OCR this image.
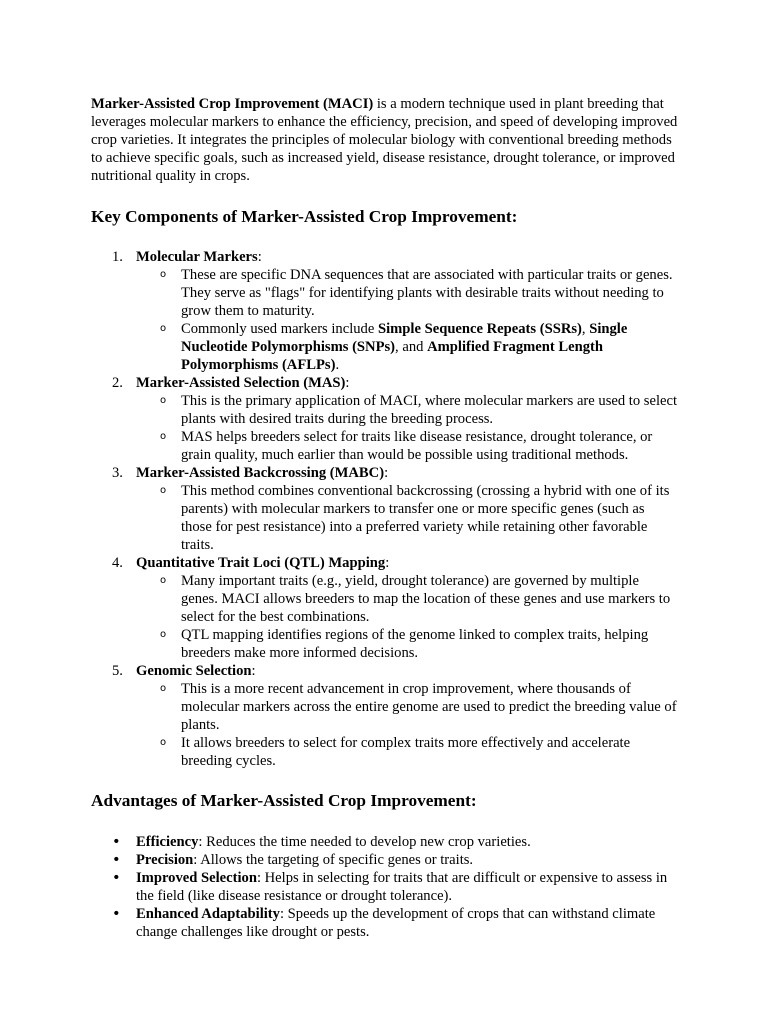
Marker-Assisted Crop Improvement (MACI) is a modern technique used in plant breeding that leverages molecular markers to enhance the efficiency, precision, and speed of developing improved crop varieties. It integrates the principles of molecular biology with conventional breeding methods to achieve specific goals, such as increased yield, disease resistance, drought tolerance, or improved nutritional quality in crops.

Key Components of Marker-Assisted Crop Improvement:
1. Molecular Markers:
o These are specific DNA sequences that are associated with particular traits or genes. They serve as "flags" for identifying plants with desirable traits without needing to grow them to maturity.
o Commonly used markers include Simple Sequence Repeats (SSRs), Single Nucleotide Polymorphisms (SNPs), and Amplified Fragment Length Polymorphisms (AFLPs).
2. Marker-Assisted Selection (MAS):
o This is the primary application of MACI, where molecular markers are used to select plants with desired traits during the breeding process.
o MAS helps breeders select for traits like disease resistance, drought tolerance, or grain quality, much earlier than would be possible using traditional methods.
3. Marker-Assisted Backcrossing (MABC):
o This method combines conventional backcrossing (crossing a hybrid with one of its parents) with molecular markers to transfer one or more specific genes (such as those for pest resistance) into a preferred variety while retaining other favorable traits.
4. Quantitative Trait Loci (QTL) Mapping:
o Many important traits (e.g., yield, drought tolerance) are governed by multiple genes. MACI allows breeders to map the location of these genes and use markers to select for the best combinations.
o QTL mapping identifies regions of the genome linked to complex traits, helping breeders make more informed decisions.
5. Genomic Selection:
o This is a more recent advancement in crop improvement, where thousands of molecular markers across the entire genome are used to predict the breeding value of plants.
o It allows breeders to select for complex traits more effectively and accelerate breeding cycles.
Advantages of Marker-Assisted Crop Improvement:
• Efficiency: Reduces the time needed to develop new crop varieties.
• Precision: Allows the targeting of specific genes or traits.
• Improved Selection: Helps in selecting for traits that are difficult or expensive to assess in the field (like disease resistance or drought tolerance).
• Enhanced Adaptability: Speeds up the development of crops that can withstand climate change challenges like drought or pests.
